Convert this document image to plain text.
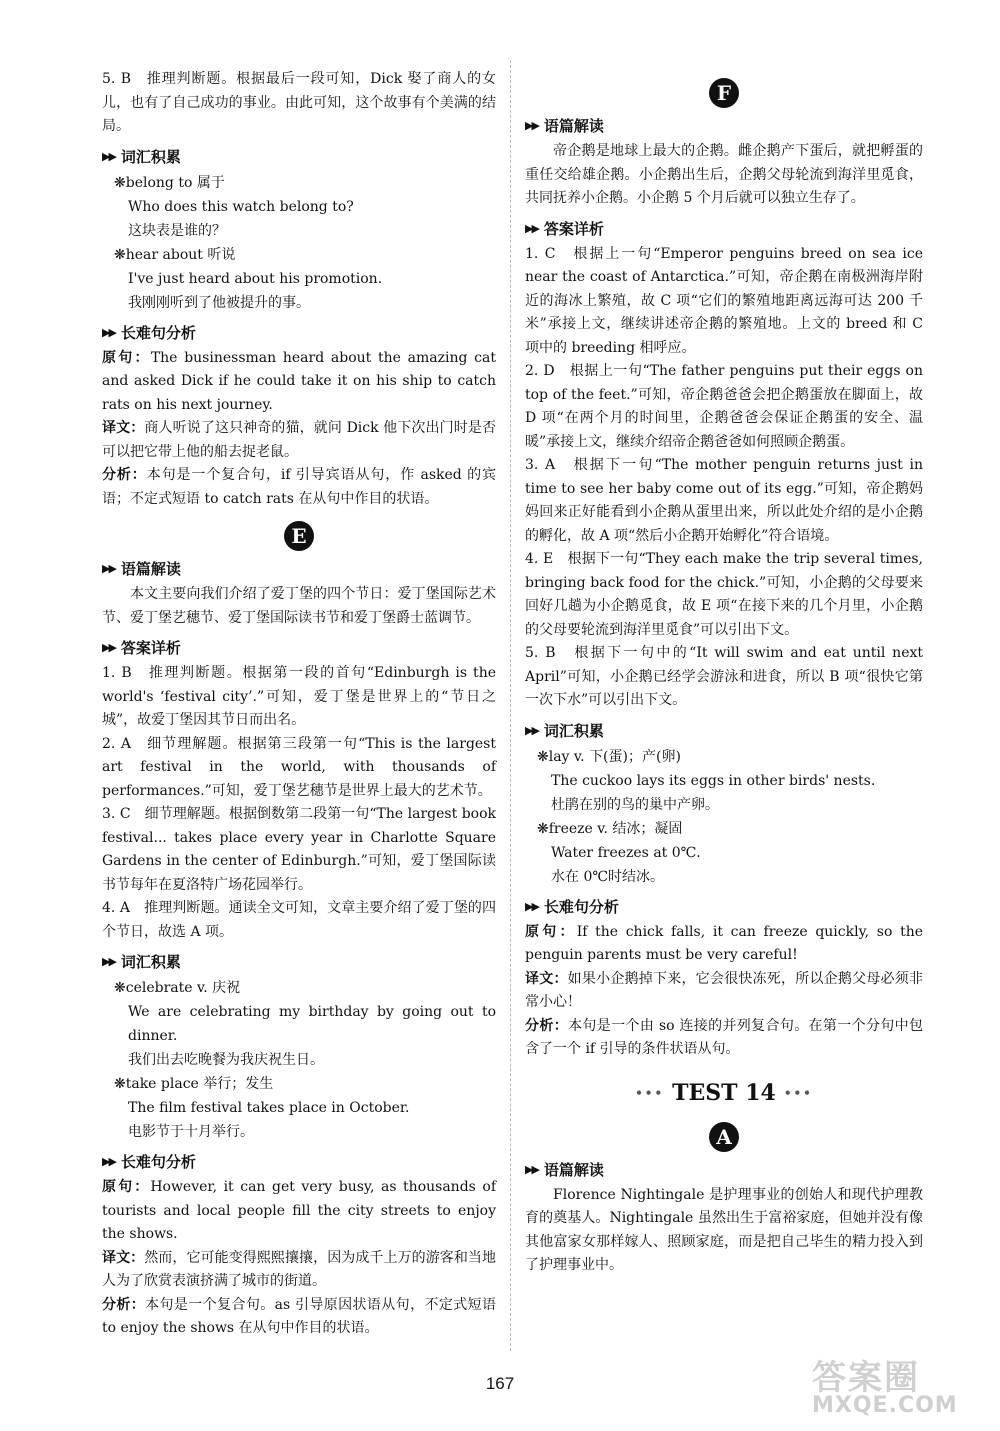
5. B　推理判断题。根据最后一段可知，Dick 娶了商人的女儿，也有了自己成功的事业。由此可知，这个故事有个美满的结局。

▶▶ 词汇积累

❋belong to 属于

Who does this watch belong to?

这块表是谁的？

❋hear about 听说

I've just heard about his promotion.

我刚刚听到了他被提升的事。

▶▶ 长难句分析

原句：The businessman heard about the amazing cat and asked Dick if he could take it on his ship to catch rats on his next journey.

译文：商人听说了这只神奇的猫，就问 Dick 他下次出门时是否可以把它带上他的船去捉老鼠。

分析：本句是一个复合句，if 引导宾语从句，作 asked 的宾语；不定式短语 to catch rats 在从句中作目的状语。

E
▶▶ 语篇解读

本文主要向我们介绍了爱丁堡的四个节日：爱丁堡国际艺术节、爱丁堡艺穗节、爱丁堡国际读书节和爱丁堡爵士蓝调节。

▶▶ 答案详析

1. B　推理判断题。根据第一段的首句“Edinburgh is the world's ‘festival city’.”可知，爱丁堡是世界上的“节日之城”，故爱丁堡因其节日而出名。

2. A　细节理解题。根据第三段第一句“This is the largest art festival in the world, with thousands of performances.”可知，爱丁堡艺穗节是世界上最大的艺术节。

3. C　细节理解题。根据倒数第二段第一句“The largest book festival... takes place every year in Charlotte Square Gardens in the center of Edinburgh.”可知，爱丁堡国际读书节每年在夏洛特广场花园举行。

4. A　推理判断题。通读全文可知，文章主要介绍了爱丁堡的四个节日，故选 A 项。

▶▶ 词汇积累

❋celebrate v. 庆祝

We are celebrating my birthday by going out to dinner.

我们出去吃晚餐为我庆祝生日。

❋take place 举行；发生

The film festival takes place in October.

电影节于十月举行。

▶▶ 长难句分析

原句：However, it can get very busy, as thousands of tourists and local people fill the city streets to enjoy the shows.

译文：然而，它可能变得熙熙攘攘，因为成千上万的游客和当地人为了欣赏表演挤满了城市的街道。

分析：本句是一个复合句。as 引导原因状语从句，不定式短语 to enjoy the shows 在从句中作目的状语。

F
▶▶ 语篇解读

帝企鹅是地球上最大的企鹅。雌企鹅产下蛋后，就把孵蛋的重任交给雄企鹅。小企鹅出生后，企鹅父母轮流到海洋里觅食，共同抚养小企鹅。小企鹅 5 个月后就可以独立生存了。

▶▶ 答案详析

1. C　根据上一句“Emperor penguins breed on sea ice near the coast of Antarctica.”可知，帝企鹅在南极洲海岸附近的海冰上繁殖，故 C 项“它们的繁殖地距离远海可达 200 千米”承接上文，继续讲述帝企鹅的繁殖地。上文的 breed 和 C 项中的 breeding 相呼应。

2. D　根据上一句“The father penguins put their eggs on top of the feet.”可知，帝企鹅爸爸会把企鹅蛋放在脚面上，故 D 项“在两个月的时间里，企鹅爸爸会保证企鹅蛋的安全、温暖”承接上文，继续介绍帝企鹅爸爸如何照顾企鹅蛋。

3. A　根据下一句“The mother penguin returns just in time to see her baby come out of its egg.”可知，帝企鹅妈妈回来正好能看到小企鹅从蛋里出来，所以此处介绍的是小企鹅的孵化，故 A 项“然后小企鹅开始孵化”符合语境。

4. E　根据下一句“They each make the trip several times, bringing back food for the chick.”可知，小企鹅的父母要来回好几趟为小企鹅觅食，故 E 项“在接下来的几个月里，小企鹅的父母要轮流到海洋里觅食”可以引出下文。

5. B　根据下一句中的“It will swim and eat until next April”可知，小企鹅已经学会游泳和进食，所以 B 项“很快它第一次下水”可以引出下文。

▶▶ 词汇积累

❋lay v. 下(蛋)；产(卵)

The cuckoo lays its eggs in other birds' nests.

杜鹃在别的鸟的巢中产卵。

❋freeze v. 结冰；凝固

Water freezes at 0℃.

水在 0℃时结冰。

▶▶ 长难句分析

原句：If the chick falls, it can freeze quickly, so the penguin parents must be very careful!

译文：如果小企鹅掉下来，它会很快冻死，所以企鹅父母必须非常小心！

分析：本句是一个由 so 连接的并列复合句。在第一个分句中包含了一个 if 引导的条件状语从句。

••• TEST 14 •••
A
▶▶ 语篇解读

Florence Nightingale 是护理事业的创始人和现代护理教育的奠基人。Nightingale 虽然出生于富裕家庭，但她并没有像其他富家女那样嫁人、照顾家庭，而是把自己毕生的精力投入到了护理事业中。

167	答案圈
MXQE.COM
